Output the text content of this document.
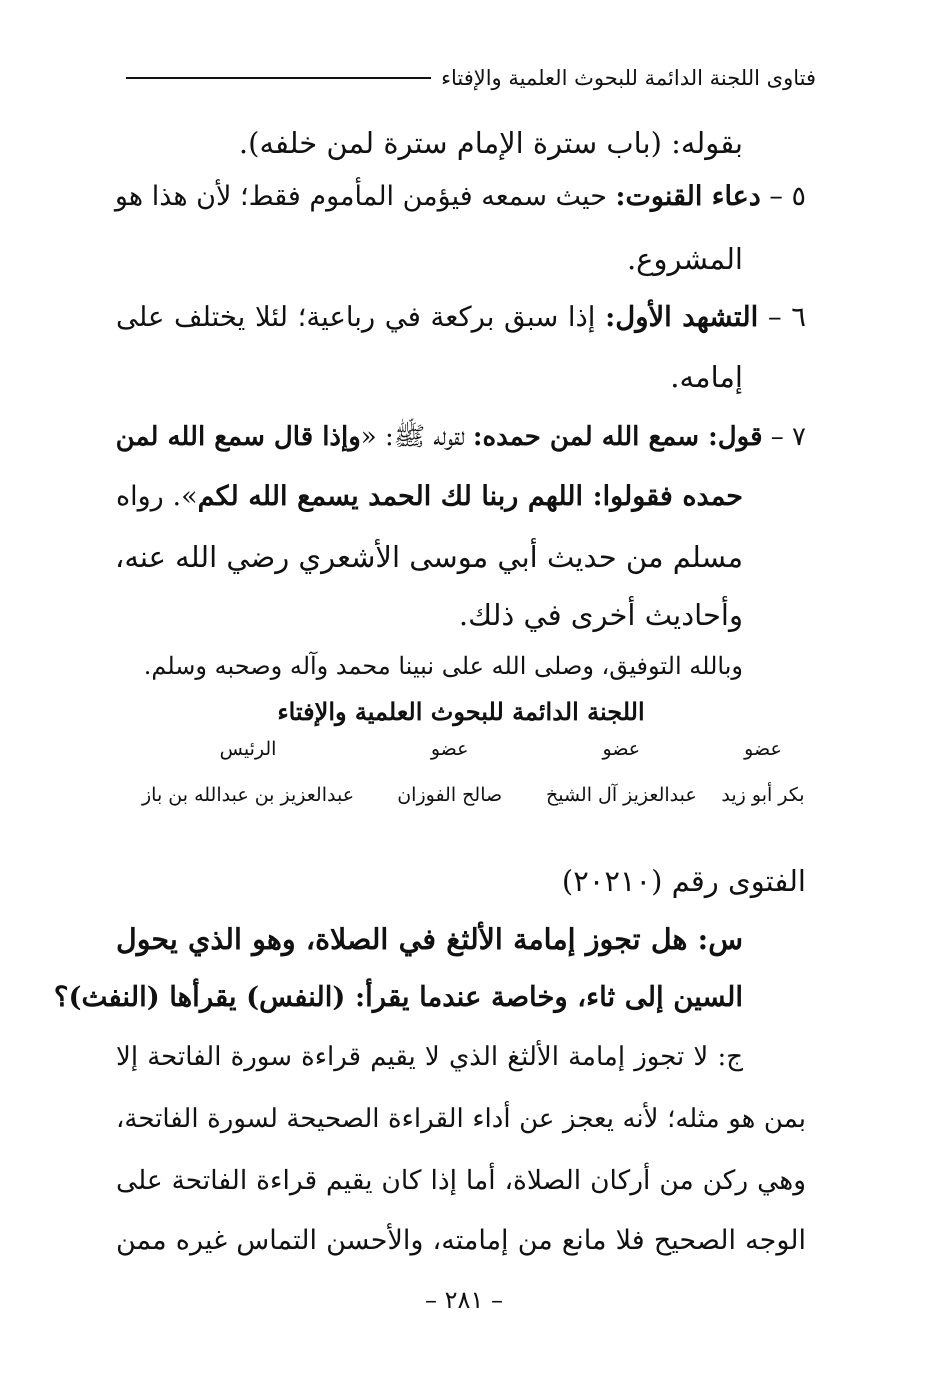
فتاوى اللجنة الدائمة للبحوث العلمية والإفتاء
بقوله: (باب سترة الإمام سترة لمن خلفه).
٥ – دعاء القنوت: حيث سمعه فيؤمن المأموم فقط؛ لأن هذا هو
المشروع.
٦ – التشهد الأول: إذا سبق بركعة في رباعية؛ لئلا يختلف على
إمامه.
٧ – قول: سمع الله لمن حمده: لقوله ﷺ: «وإذا قال سمع الله لمن
حمده فقولوا: اللهم ربنا لك الحمد يسمع الله لكم». رواه
مسلم من حديث أبي موسى الأشعري رضي الله عنه،
وأحاديث أخرى في ذلك.
وبالله التوفيق، وصلى الله على نبينا محمد وآله وصحبه وسلم.
اللجنة الدائمة للبحوث العلمية والإفتاء
عضو
عضو
عضو
الرئيس
بكر أبو زيد
عبدالعزيز آل الشيخ
صالح الفوزان
عبدالعزيز بن عبدالله بن باز
الفتوى رقم (٢٠٢١٠)
س: هل تجوز إمامة الألثغ في الصلاة، وهو الذي يحول
السين إلى ثاء، وخاصة عندما يقرأ: (النفس) يقرأها (النفث)؟
ج: لا تجوز إمامة الألثغ الذي لا يقيم قراءة سورة الفاتحة إلا
بمن هو مثله؛ لأنه يعجز عن أداء القراءة الصحيحة لسورة الفاتحة،
وهي ركن من أركان الصلاة، أما إذا كان يقيم قراءة الفاتحة على
الوجه الصحيح فلا مانع من إمامته، والأحسن التماس غيره ممن
– ٢٨١ –
